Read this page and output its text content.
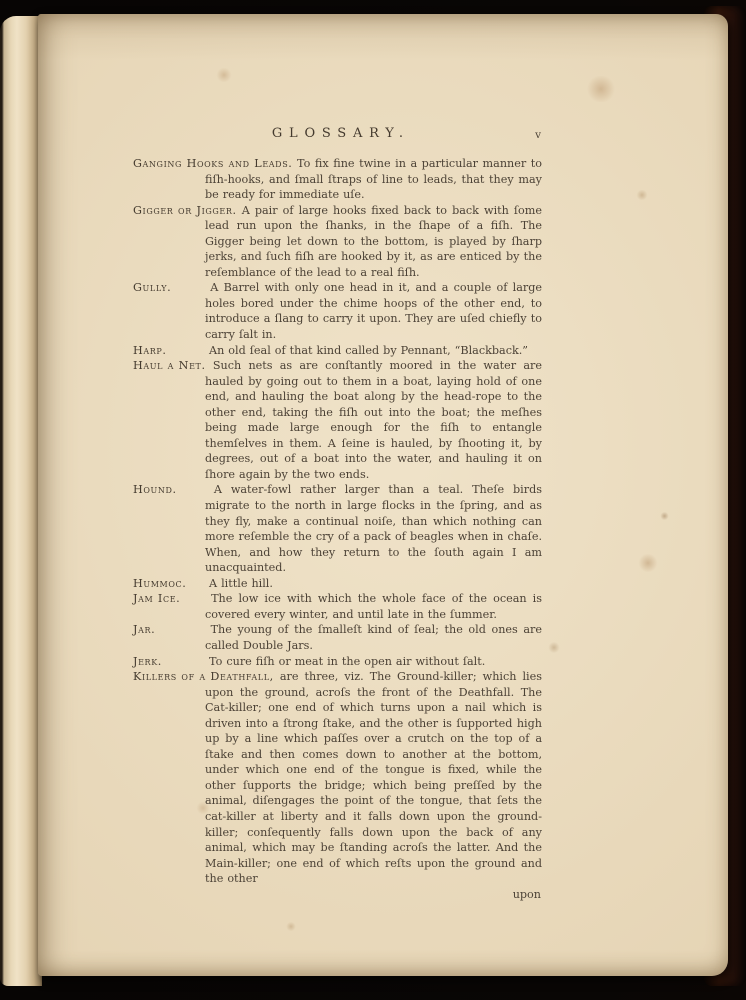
GLOSSARY.	v

Ganging Hooks and Leads. To fix fine twine in a particular manner to fiſh-hooks, and ſmall ſtraps of line to leads, that they may be ready for immediate uſe.

Gigger or Jigger. A pair of large hooks fixed back to back with ſome lead run upon the ſhanks, in the ſhape of a fiſh. The Gigger being let down to the bottom, is played by ſharp jerks, and ſuch fiſh are hooked by it, as are enticed by the reſemblance of the lead to a real fiſh.

Gully.	A Barrel with only one head in it, and a couple of large holes bored under the chime hoops of the other end, to introduce a ſlang to carry it upon. They are uſed chiefly to carry ſalt in.

Harp.	An old ſeal of that kind called by Pennant, “Blackback.”

Haul a Net. Such nets as are conſtantly moored in the water are hauled by going out to them in a boat, laying hold of one end, and hauling the boat along by the head-rope to the other end, taking the fiſh out into the boat; the meſhes being made large enough for the fiſh to entangle themſelves in them. A ſeine is hauled, by ſhooting it, by degrees, out of a boat into the water, and hauling it on ſhore again by the two ends.

Hound.	A water-fowl rather larger than a teal. Theſe birds migrate to the north in large flocks in the ſpring, and as they fly, make a continual noiſe, than which nothing can more reſemble the cry of a pack of beagles when in chaſe. When, and how they return to the ſouth again I am unacquainted.

Hummoc. A little hill.

Jam Ice.	The low ice with which the whole face of the ocean is covered every winter, and until late in the ſummer.

Jar.	The young of the ſmalleſt kind of ſeal; the old ones are called Double Jars.

Jerk.	To cure fiſh or meat in the open air without ſalt.

Killers of a Deathfall, are three, viz. The Ground-killer; which lies upon the ground, acroſs the front of the Deathfall. The Cat-killer; one end of which turns upon a nail which is driven into a ſtrong ſtake, and the other is ſupported high up by a line which paſſes over a crutch on the top of a ſtake and then comes down to another at the bottom, under which one end of the tongue is fixed, while the other ſupports the bridge; which being preſſed by the animal, diſengages the point of the tongue, that ſets the cat-killer at liberty and it falls down upon the ground-killer; conſequently falls down upon the back of any animal, which may be ſtanding acroſs the latter. And the Main-killer; one end of which reſts upon the ground and the other

upon
